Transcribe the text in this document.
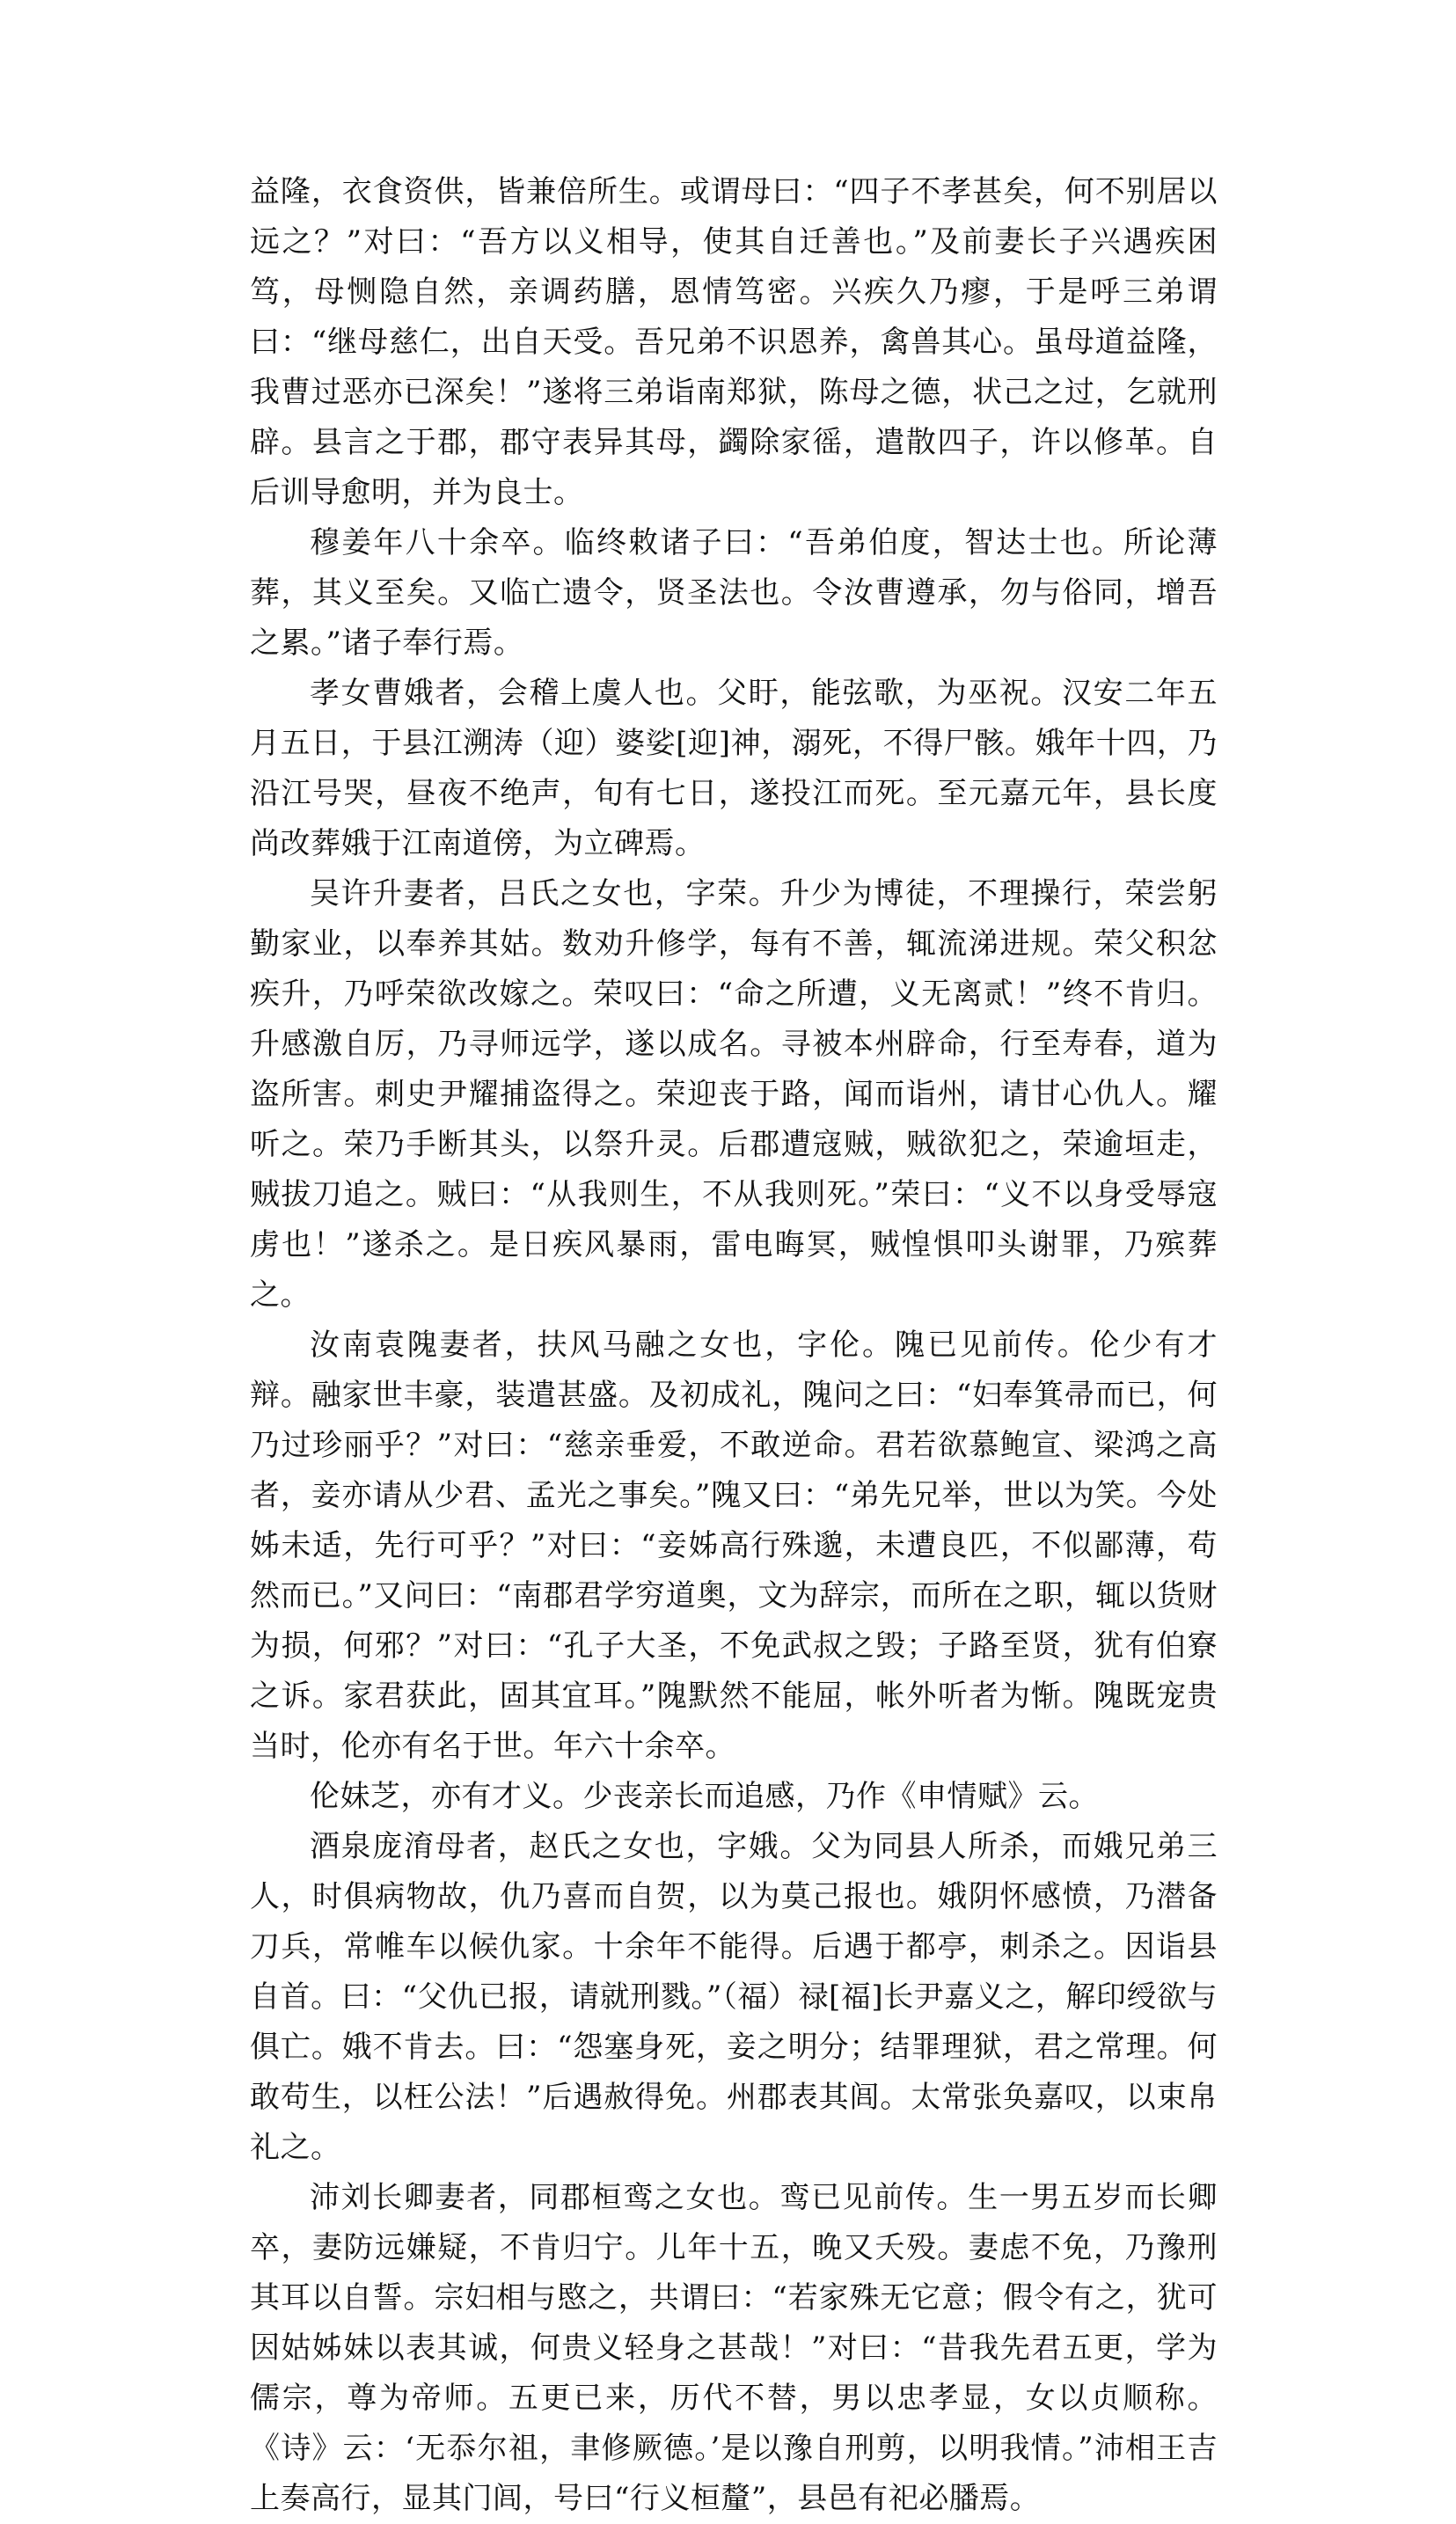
益隆，衣食资供，皆兼倍所生。或谓母曰：“四子不孝甚矣，何不别居以远之？”对曰：“吾方以义相导，使其自迁善也。”及前妻长子兴遇疾困笃，母恻隐自然，亲调药膳，恩情笃密。兴疾久乃瘳，于是呼三弟谓曰：“继母慈仁，出自天受。吾兄弟不识恩养，禽兽其心。虽母道益隆，我曹过恶亦已深矣！”遂将三弟诣南郑狱，陈母之德，状己之过，乞就刑辟。县言之于郡，郡守表异其母，蠲除家徭，遣散四子，许以修革。自后训导愈明，并为良士。

穆姜年八十余卒。临终敕诸子曰：“吾弟伯度，智达士也。所论薄葬，其义至矣。又临亡遗令，贤圣法也。令汝曹遵承，勿与俗同，增吾之累。”诸子奉行焉。

孝女曹娥者，会稽上虞人也。父盱，能弦歌，为巫祝。汉安二年五月五日，于县江溯涛（迎）婆娑[迎]神，溺死，不得尸骸。娥年十四，乃沿江号哭，昼夜不绝声，旬有七日，遂投江而死。至元嘉元年，县长度尚改葬娥于江南道傍，为立碑焉。

吴许升妻者，吕氏之女也，字荣。升少为博徒，不理操行，荣尝躬勤家业，以奉养其姑。数劝升修学，每有不善，辄流涕进规。荣父积忿疾升，乃呼荣欲改嫁之。荣叹曰：“命之所遭，义无离贰！”终不肯归。升感激自厉，乃寻师远学，遂以成名。寻被本州辟命，行至寿春，道为盗所害。刺史尹耀捕盗得之。荣迎丧于路，闻而诣州，请甘心仇人。耀听之。荣乃手断其头，以祭升灵。后郡遭寇贼，贼欲犯之，荣逾垣走，贼拔刀追之。贼曰：“从我则生，不从我则死。”荣曰：“义不以身受辱寇虏也！”遂杀之。是日疾风暴雨，雷电晦冥，贼惶惧叩头谢罪，乃殡葬之。

汝南袁隗妻者，扶风马融之女也，字伦。隗已见前传。伦少有才辩。融家世丰豪，装遣甚盛。及初成礼，隗问之曰：“妇奉箕帚而已，何乃过珍丽乎？”对曰：“慈亲垂爱，不敢逆命。君若欲慕鲍宣、梁鸿之高者，妾亦请从少君、孟光之事矣。”隗又曰：“弟先兄举，世以为笑。今处姊未适，先行可乎？”对曰：“妾姊高行殊邈，未遭良匹，不似鄙薄，苟然而已。”又问曰：“南郡君学穷道奥，文为辞宗，而所在之职，辄以货财为损，何邪？”对曰：“孔子大圣，不免武叔之毁；子路至贤，犹有伯寮之诉。家君获此，固其宜耳。”隗默然不能屈，帐外听者为惭。隗既宠贵当时，伦亦有名于世。年六十余卒。

伦妹芝，亦有才义。少丧亲长而追感，乃作《申情赋》云。

酒泉庞淯母者，赵氏之女也，字娥。父为同县人所杀，而娥兄弟三人，时俱病物故，仇乃喜而自贺，以为莫己报也。娥阴怀感愤，乃潜备刀兵，常帷车以候仇家。十余年不能得。后遇于都亭，刺杀之。因诣县自首。曰：“父仇已报，请就刑戮。”（福）禄[福]长尹嘉义之，解印绶欲与俱亡。娥不肯去。曰：“怨塞身死，妾之明分；结罪理狱，君之常理。何敢苟生，以枉公法！”后遇赦得免。州郡表其闾。太常张奂嘉叹，以束帛礼之。

沛刘长卿妻者，同郡桓鸾之女也。鸾已见前传。生一男五岁而长卿卒，妻防远嫌疑，不肯归宁。儿年十五，晚又夭殁。妻虑不免，乃豫刑其耳以自誓。宗妇相与愍之，共谓曰：“若家殊无它意；假令有之，犹可因姑姊妹以表其诚，何贵义轻身之甚哉！”对曰：“昔我先君五更，学为儒宗，尊为帝师。五更已来，历代不替，男以忠孝显，女以贞顺称。《诗》云：‘无忝尔祖，聿修厥德。’是以豫自刑剪，以明我情。”沛相王吉上奏高行，显其门闾，号曰“行义桓釐”，县邑有祀必膰焉。
